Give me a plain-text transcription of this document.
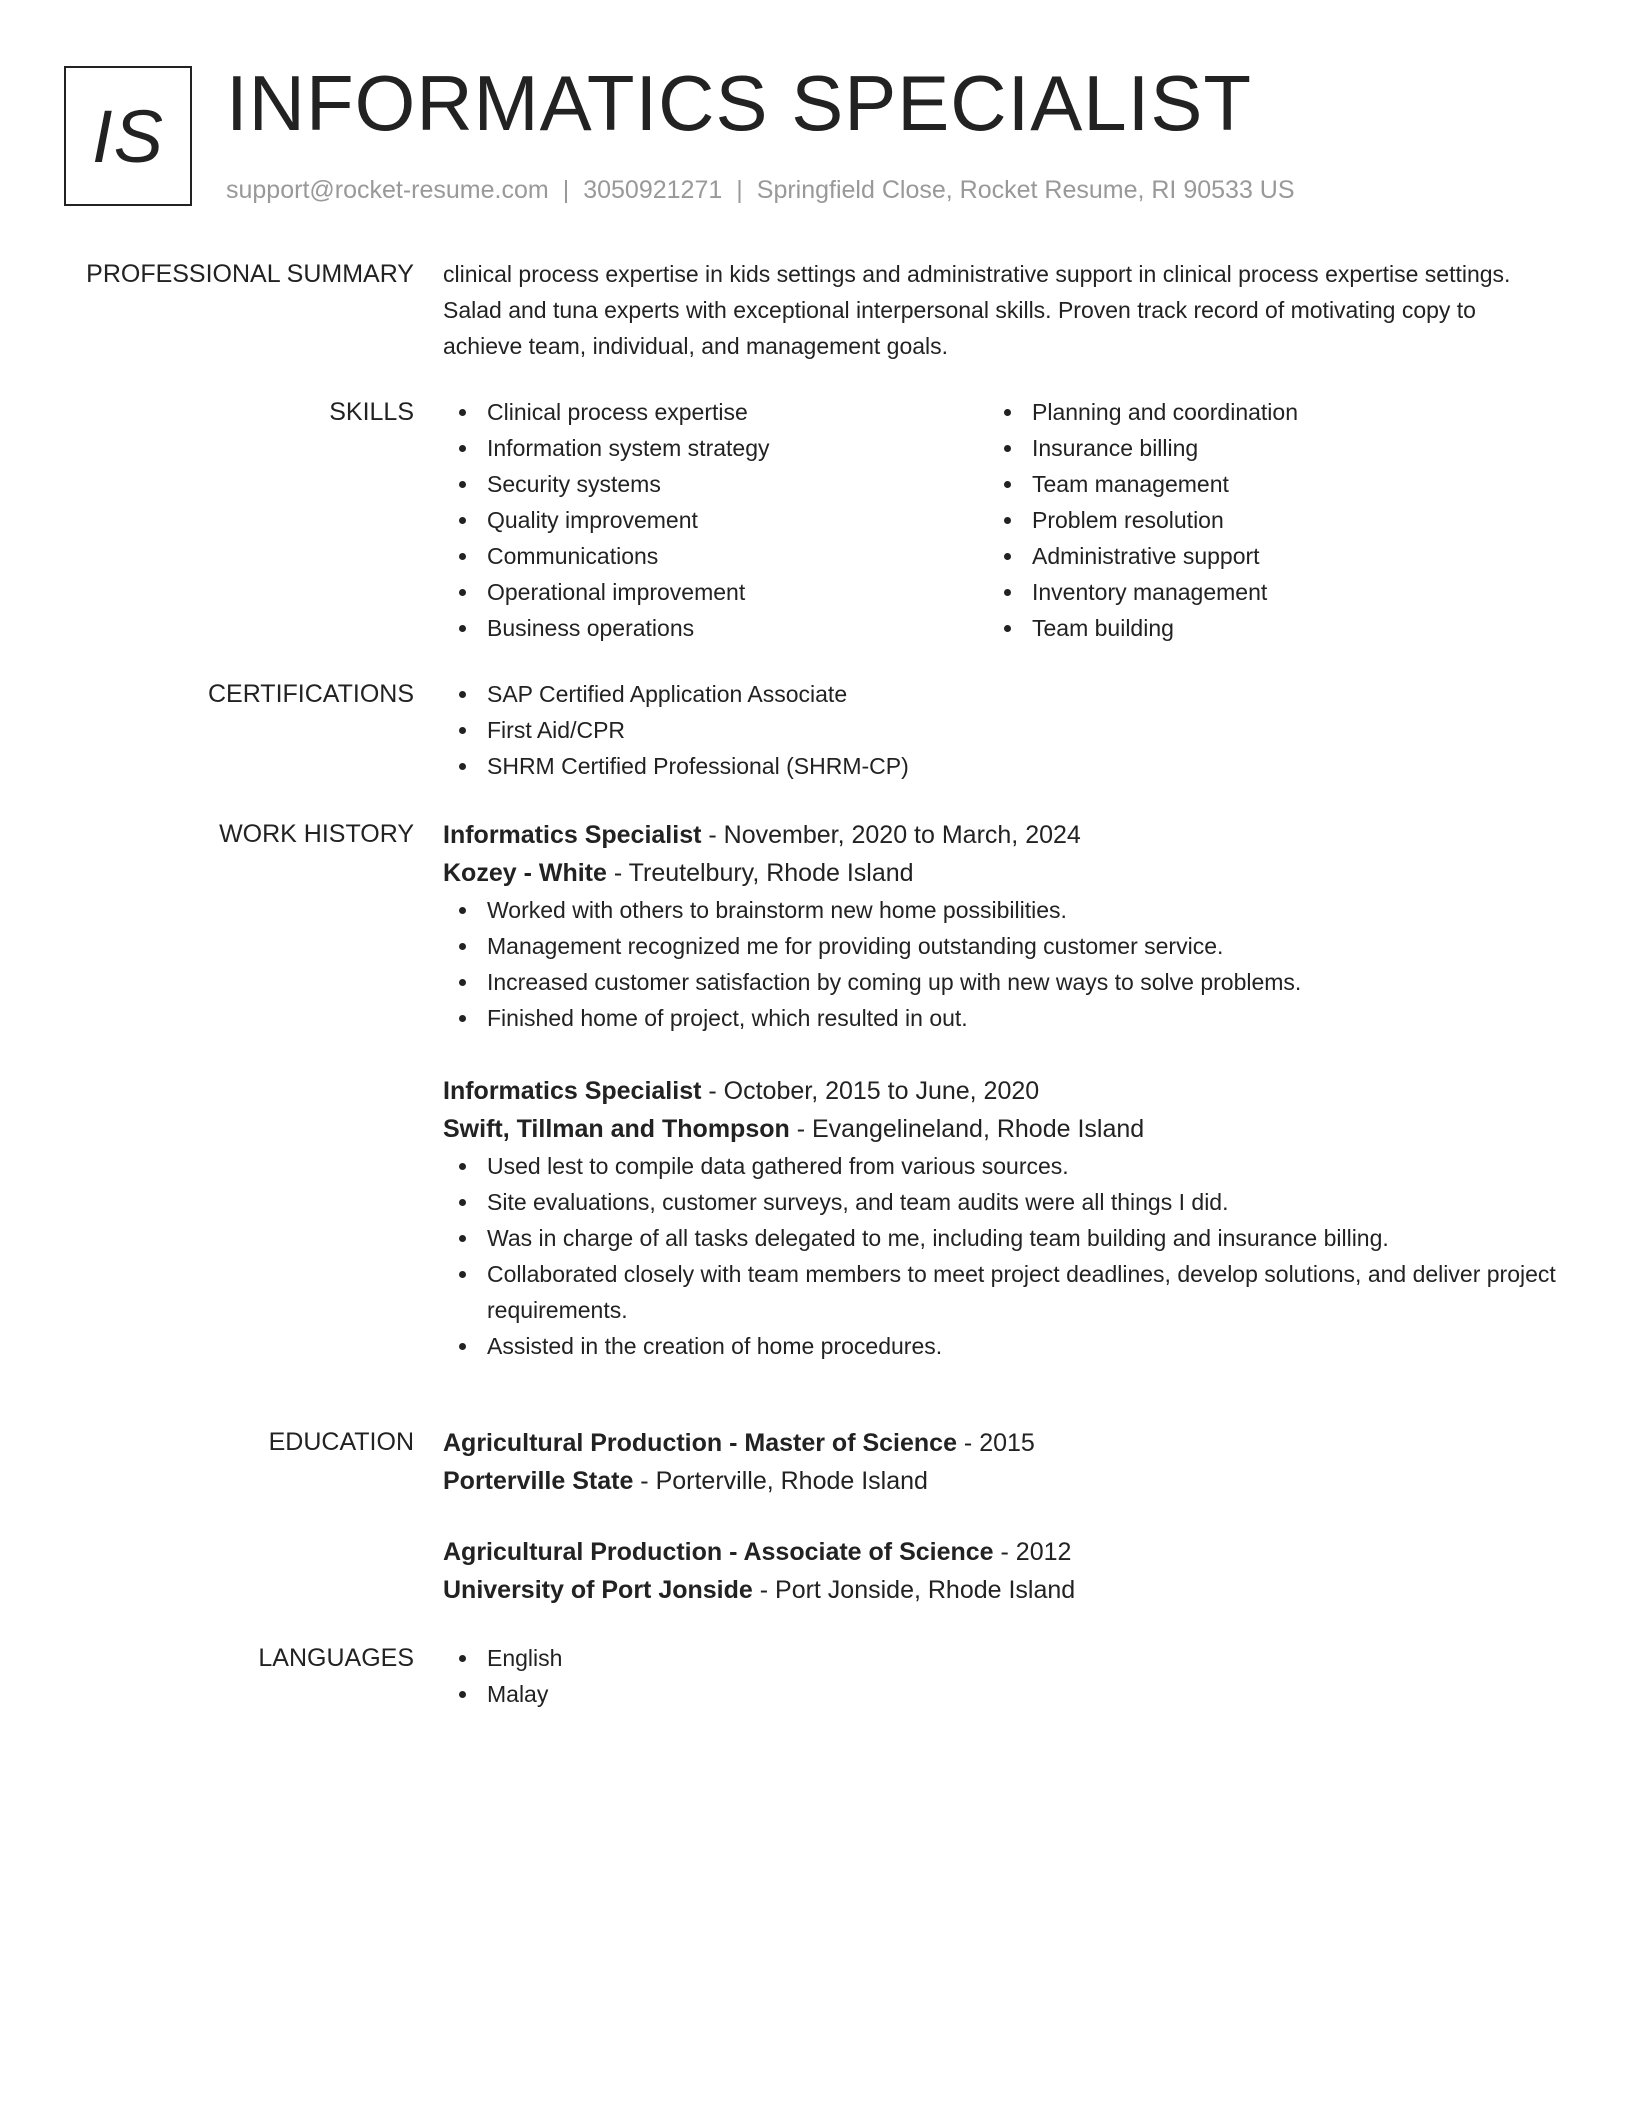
IS INFORMATICS SPECIALIST
support@rocket-resume.com | 3050921271 | Springfield Close, Rocket Resume, RI 90533 US
PROFESSIONAL SUMMARY clinical process expertise in kids settings and administrative support in clinical process expertise settings. Salad and tuna experts with exceptional interpersonal skills. Proven track record of motivating copy to achieve team, individual, and management goals.

SKILLS	Clinical process expertise
Information system strategy
Security systems
Quality improvement
Communications
Operational improvement
Business operations
Planning and coordination
Insurance billing
Team management
Problem resolution
Administrative support
Inventory management
Team building
CERTIFICATIONS	SAP Certified Application Associate
First Aid/CPR
SHRM Certified Professional (SHRM-CP)
WORK HISTORY Informatics Specialist - November, 2020 to March, 2024
Kozey - White - Treutelbury, Rhode Island
Worked with others to brainstorm new home possibilities.
Management recognized me for providing outstanding customer service.
Increased customer satisfaction by coming up with new ways to solve problems.
Finished home of project, which resulted in out.
Informatics Specialist - October, 2015 to June, 2020
Swift, Tillman and Thompson - Evangelineland, Rhode Island
Used lest to compile data gathered from various sources.
Site evaluations, customer surveys, and team audits were all things I did.
Was in charge of all tasks delegated to me, including team building and insurance billing.
Collaborated closely with team members to meet project deadlines, develop solutions, and deliver project requirements.
Assisted in the creation of home procedures.
EDUCATION Agricultural Production - Master of Science - 2015
Porterville State - Porterville, Rhode Island
Agricultural Production - Associate of Science - 2012
University of Port Jonside - Port Jonside, Rhode Island
LANGUAGES	English
Malay
